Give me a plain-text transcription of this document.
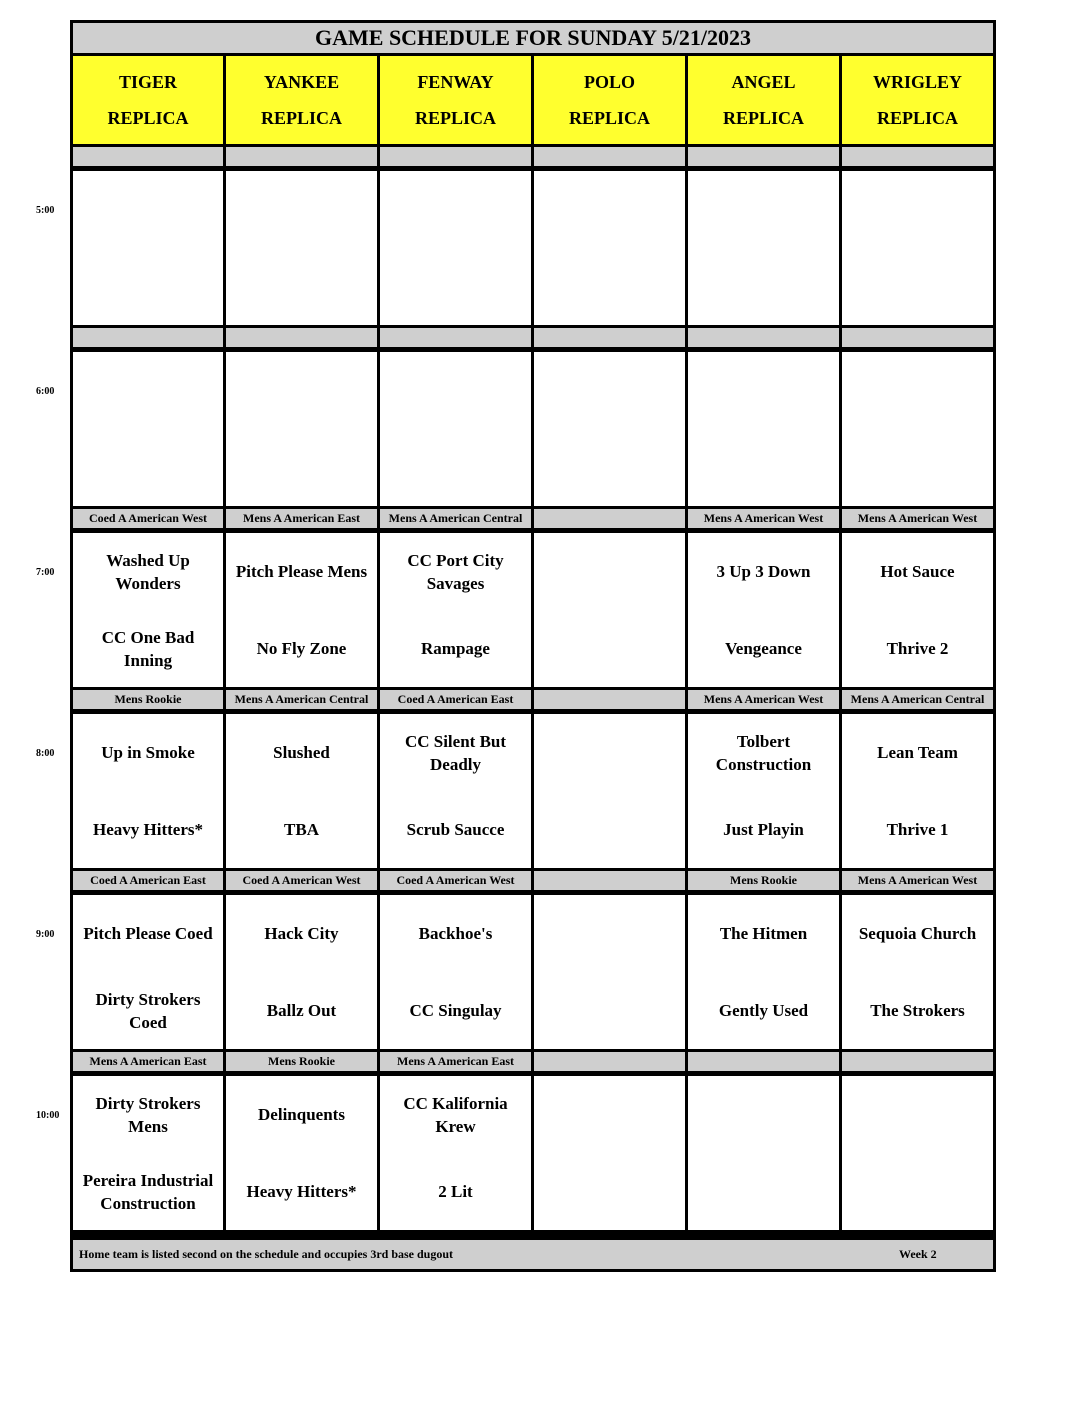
GAME SCHEDULE FOR SUNDAY 5/21/2023
TIGER
REPLICA
YANKEE
REPLICA
FENWAY
REPLICA
POLO
REPLICA
ANGEL
REPLICA
WRIGLEY
REPLICA
Coed A American West
Washed Up Wonders
CC One Bad Inning
Mens A American East
Pitch Please Mens
No Fly Zone
Mens A American Central
CC Port City Savages
Rampage
Mens A American West
3 Up 3 Down
Vengeance
Mens A American West
Hot Sauce
Thrive 2
Mens Rookie
Up in Smoke
Heavy Hitters*
Mens A American Central
Slushed
TBA
Coed A American East
CC Silent But Deadly
Scrub Saucce
Mens A American West
Tolbert Construction
Just Playin
Mens A American Central
Lean Team
Thrive 1
Coed A American East
Pitch Please Coed
Dirty Strokers Coed
Coed A American West
Hack City
Ballz Out
Coed A American West
Backhoe's
CC Singulay
Mens Rookie
The Hitmen
Gently Used
Mens A American West
Sequoia Church
The Strokers
Mens A American East
Dirty Strokers Mens
Pereira Industrial Construction
Mens Rookie
Delinquents
Heavy Hitters*
Mens A American East
CC Kalifornia Krew
2 Lit
Home team is listed second on the schedule and occupies 3rd base dugout	Week 2
5:00
6:00
7:00
8:00
9:00
10:00
